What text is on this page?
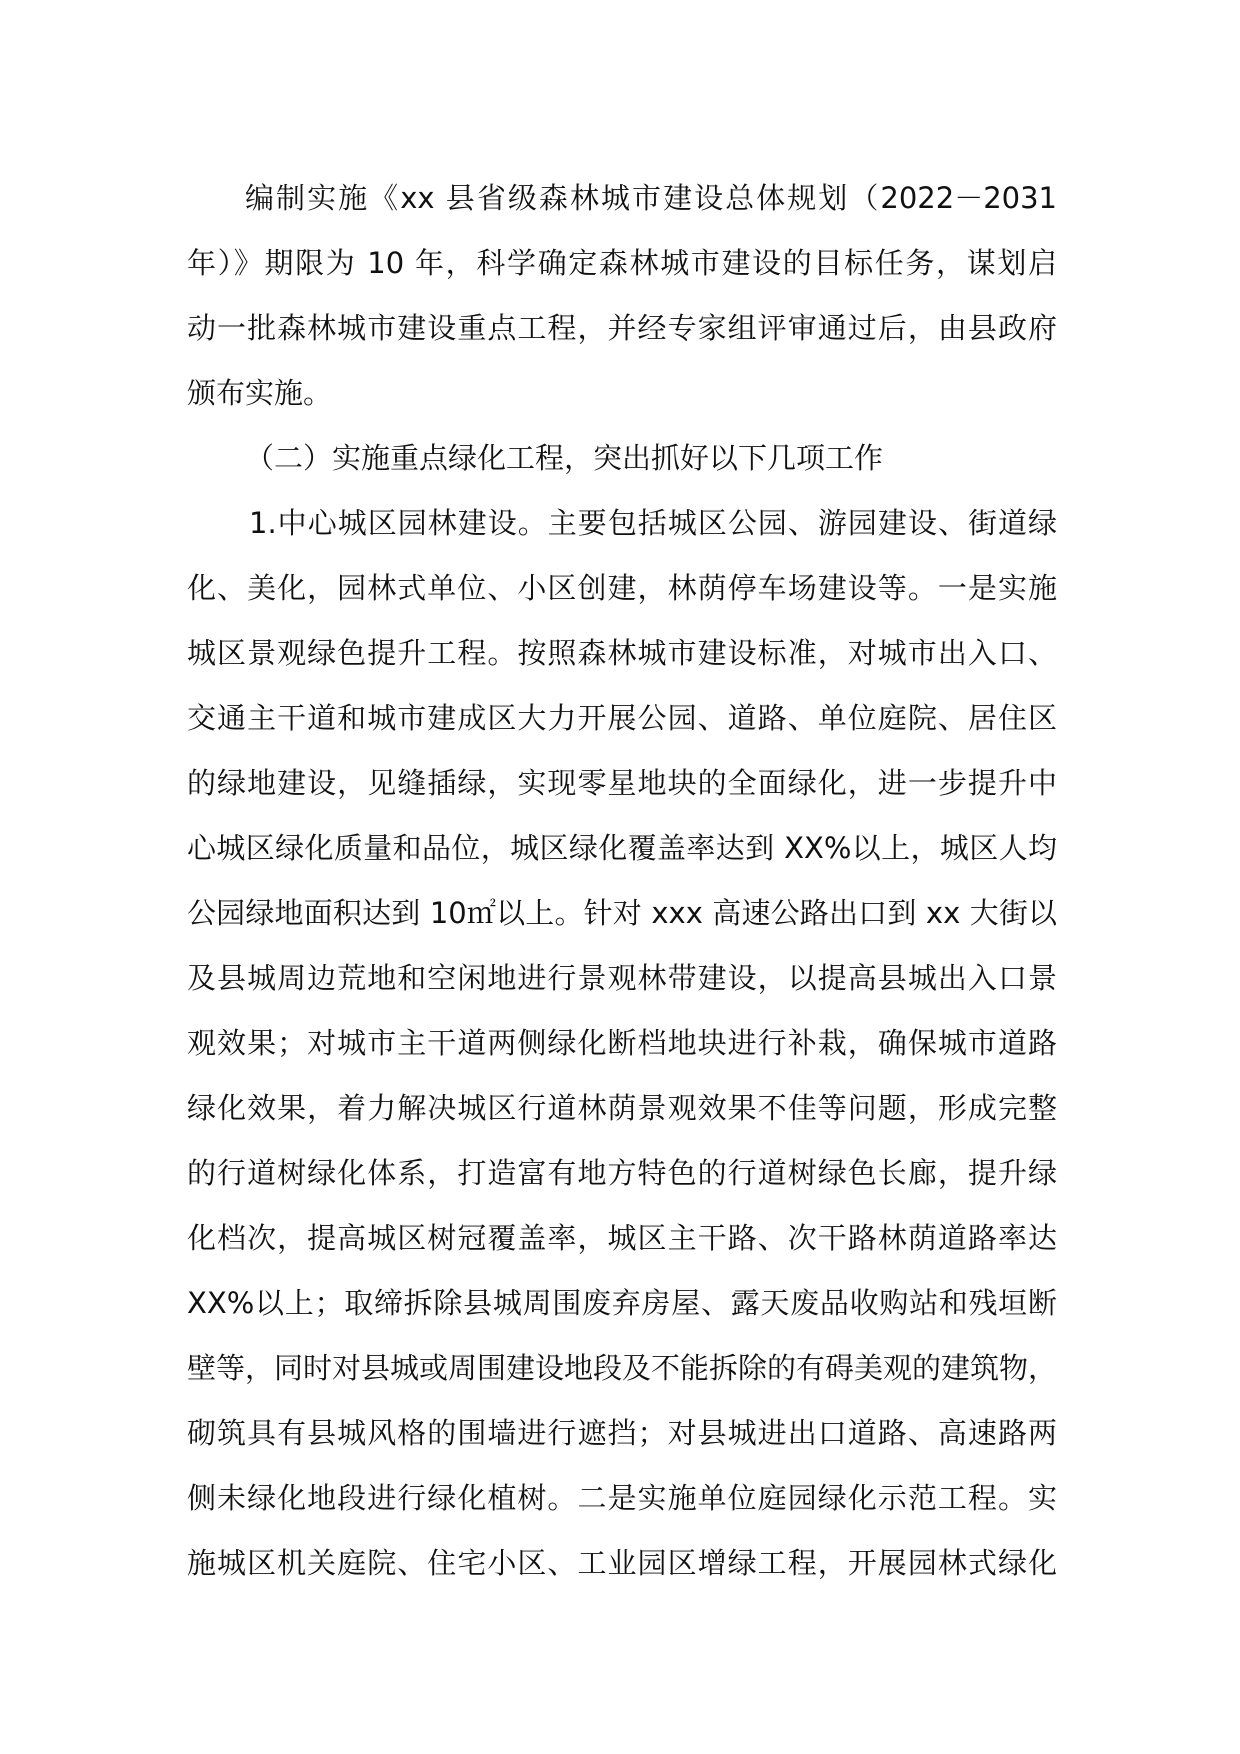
编制实施《xx 县省级森林城市建设总体规划（2022－2031
年）》期限为 10 年，科学确定森林城市建设的目标任务，谋划启
动一批森林城市建设重点工程，并经专家组评审通过后，由县政府
颁布实施。
（二）实施重点绿化工程，突出抓好以下几项工作
1.中心城区园林建设。主要包括城区公园、游园建设、街道绿
化、美化，园林式单位、小区创建，林荫停车场建设等。一是实施
城区景观绿色提升工程。按照森林城市建设标准，对城市出入口、
交通主干道和城市建成区大力开展公园、道路、单位庭院、居住区
的绿地建设，见缝插绿，实现零星地块的全面绿化，进一步提升中
心城区绿化质量和品位，城区绿化覆盖率达到 XX%以上，城区人均
公园绿地面积达到 10㎡以上。针对 xxx 高速公路出口到 xx 大街以
及县城周边荒地和空闲地进行景观林带建设，以提高县城出入口景
观效果；对城市主干道两侧绿化断档地块进行补栽，确保城市道路
绿化效果，着力解决城区行道林荫景观效果不佳等问题，形成完整
的行道树绿化体系，打造富有地方特色的行道树绿色长廊，提升绿
化档次，提高城区树冠覆盖率，城区主干路、次干路林荫道路率达
XX%以上；取缔拆除县城周围废弃房屋、露天废品收购站和残垣断
壁等，同时对县城或周围建设地段及不能拆除的有碍美观的建筑物，
砌筑具有县城风格的围墙进行遮挡；对县城进出口道路、高速路两
侧未绿化地段进行绿化植树。二是实施单位庭园绿化示范工程。实
施城区机关庭院、住宅小区、工业园区增绿工程，开展园林式绿化
